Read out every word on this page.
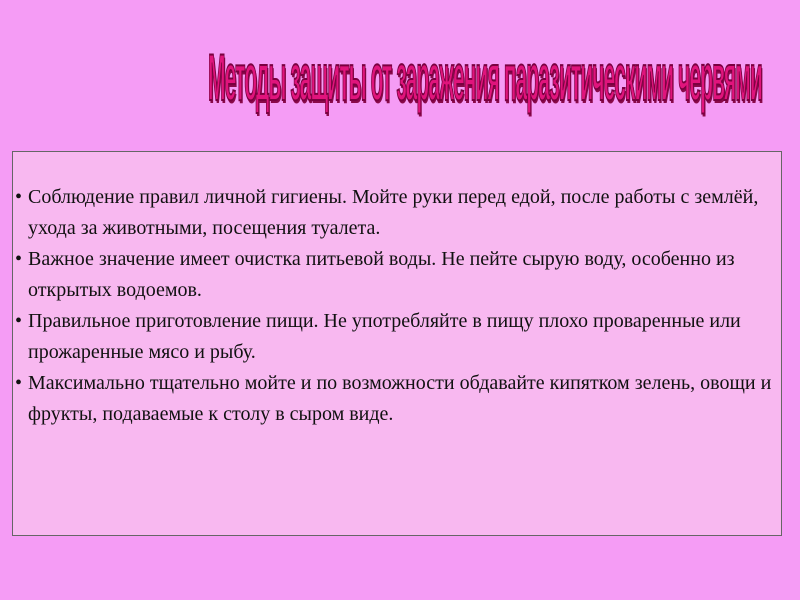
Методы защиты от заражения паразитическими червями
• Соблюдение правил личной гигиены. Мойте руки перед едой, после работы с землёй, ухода за животными, посещения туалета.
• Важное значение имеет очистка питьевой воды. Не пейте сырую воду, особенно из открытых водоемов.
• Правильное приготовление пищи. Не употребляйте в пищу плохо проваренные или прожаренные мясо и рыбу.
• Максимально тщательно мойте и по возможности обдавайте кипятком зелень, овощи и фрукты, подаваемые к столу в сыром виде.
